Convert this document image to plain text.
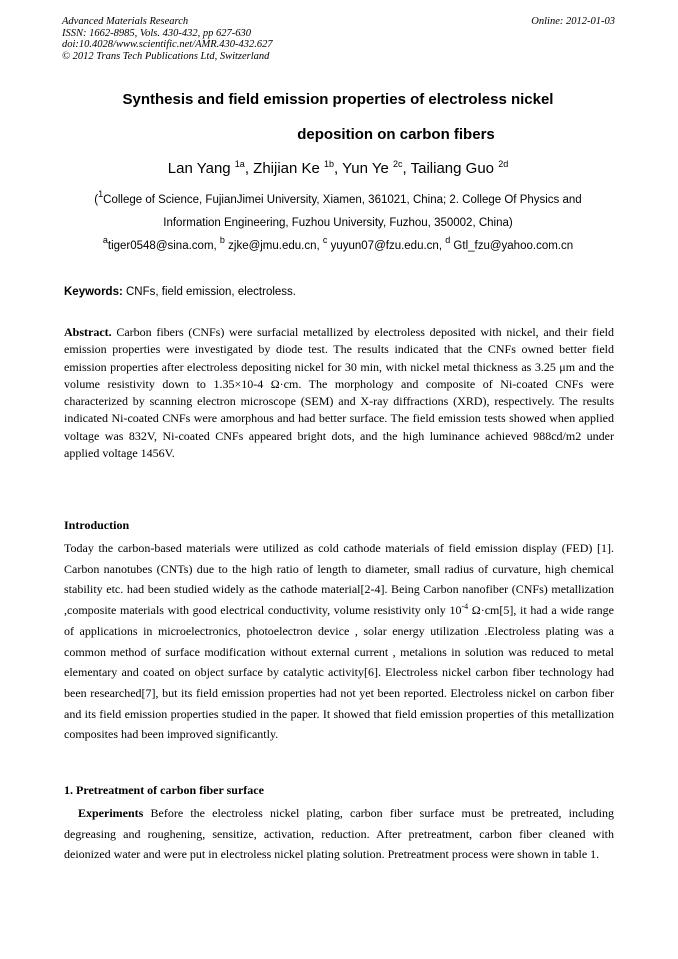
Advanced Materials Research
ISSN: 1662-8985, Vols. 430-432, pp 627-630
doi:10.4028/www.scientific.net/AMR.430-432.627
© 2012 Trans Tech Publications Ltd, Switzerland
Online: 2012-01-03
Synthesis and field emission properties of electroless nickel
deposition on carbon fibers
Lan Yang $^{1a}$, Zhijian Ke $^{1b}$, Yun Ye $^{2c}$, Tailiang Guo $^{2d}$
($^1$College of Science, FujianJimei University, Xiamen, 361021, China; 2. College Of Physics and
Information Engineering, Fuzhou University, Fuzhou, 350002, China)
$^a$tiger0548@sina.com, $^b$ zjke@jmu.edu.cn, $^c$ yuyun07@fzu.edu.cn, $^d$ Gtl_fzu@yahoo.com.cn
Keywords: CNFs, field emission, electroless.
Abstract. Carbon fibers (CNFs) were surfacial metallized by electroless deposited with nickel, and their field emission properties were investigated by diode test. The results indicated that the CNFs owned better field emission properties after electroless depositing nickel for 30 min, with nickel metal thickness as 3.25 μm and the volume resistivity down to 1.35×10-4 Ω·cm. The morphology and composite of Ni-coated CNFs were characterized by scanning electron microscope (SEM) and X-ray diffractions (XRD), respectively. The results indicated Ni-coated CNFs were amorphous and had better surface. The field emission tests showed when applied voltage was 832V, Ni-coated CNFs appeared bright dots, and the high luminance achieved 988cd/m2 under applied voltage 1456V.
Introduction
Today the carbon-based materials were utilized as cold cathode materials of field emission display (FED) [1]. Carbon nanotubes (CNTs) due to the high ratio of length to diameter, small radius of curvature, high chemical stability etc. had been studied widely as the cathode material[2-4]. Being Carbon nanofiber (CNFs) metallization ,composite materials with good electrical conductivity, volume resistivity only $10^{-4}$ Ω·cm[5], it had a wide range of applications in microelectronics, photoelectron device , solar energy utilization .Electroless plating was a common method of surface modification without external current , metalions in solution was reduced to metal elementary and coated on object surface by catalytic activity[6]. Electroless nickel carbon fiber technology had been researched[7], but its field emission properties had not yet been reported. Electroless nickel on carbon fiber and its field emission properties studied in the paper. It showed that field emission properties of this metallization composites had been improved significantly.
1. Pretreatment of carbon fiber surface
Experiments Before the electroless nickel plating, carbon fiber surface must be pretreated, including degreasing and roughening, sensitize, activation, reduction. After pretreatment, carbon fiber cleaned with deionized water and were put in electroless nickel plating solution. Pretreatment process were shown in table 1.
